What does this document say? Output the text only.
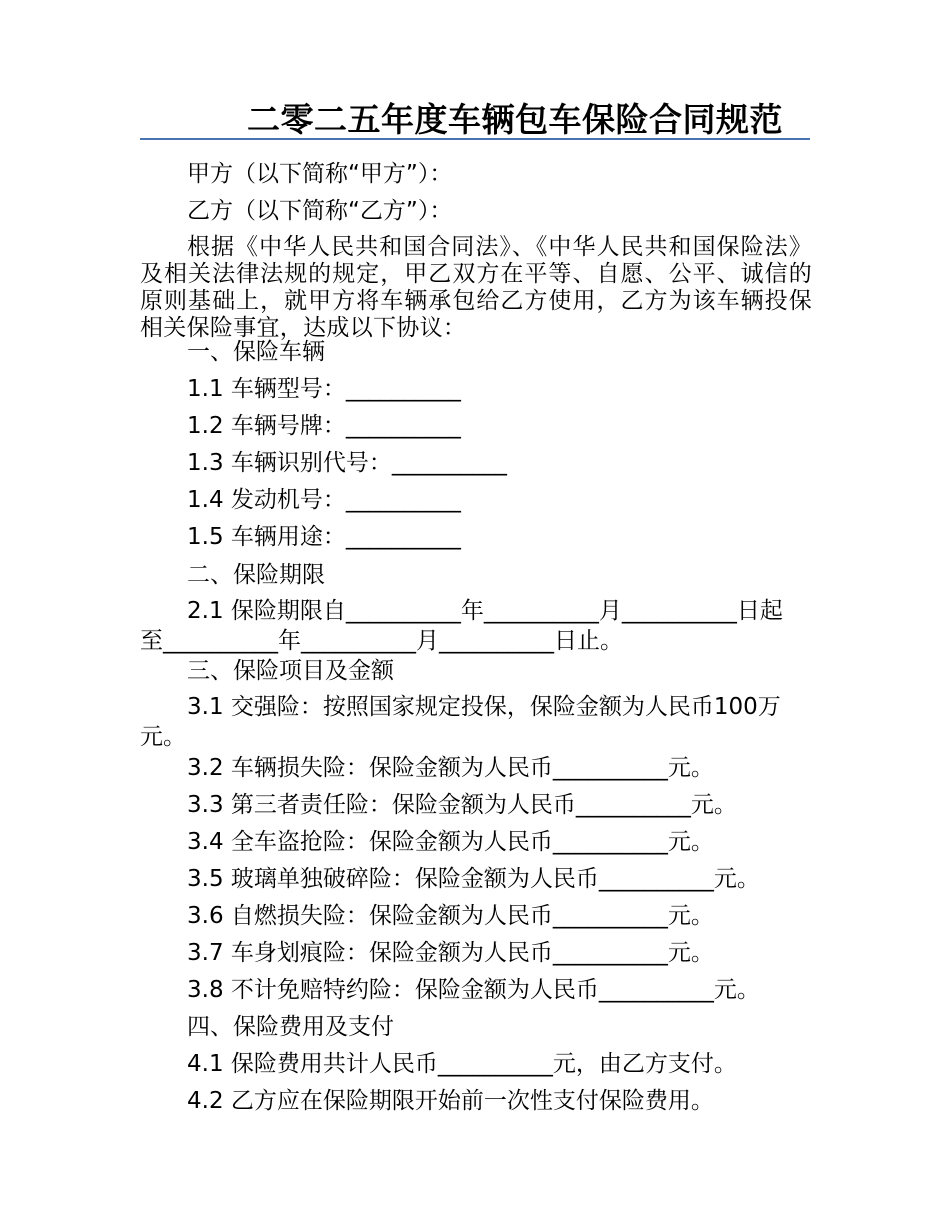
二零二五年度车辆包车保险合同规范
甲方（以下简称“甲方”）：
乙方（以下简称“乙方”）：
根据《中华人民共和国合同法》、《中华人民共和国保险法》及相关法律法规的规定，甲乙双方在平等、自愿、公平、诚信的原则基础上，就甲方将车辆承包给乙方使用，乙方为该车辆投保相关保险事宜，达成以下协议：
一、保险车辆
1.1 车辆型号：__________
1.2 车辆号牌：__________
1.3 车辆识别代号：__________
1.4 发动机号：__________
1.5 车辆用途：__________
二、保险期限
2.1 保险期限自__________年__________月__________日起至__________年__________月__________日止。
三、保险项目及金额
3.1 交强险：按照国家规定投保，保险金额为人民币100万元。
3.2 车辆损失险：保险金额为人民币__________元。
3.3 第三者责任险：保险金额为人民币__________元。
3.4 全车盗抢险：保险金额为人民币__________元。
3.5 玻璃单独破碎险：保险金额为人民币__________元。
3.6 自燃损失险：保险金额为人民币__________元。
3.7 车身划痕险：保险金额为人民币__________元。
3.8 不计免赔特约险：保险金额为人民币__________元。
四、保险费用及支付
4.1 保险费用共计人民币__________元，由乙方支付。
4.2 乙方应在保险期限开始前一次性支付保险费用。
